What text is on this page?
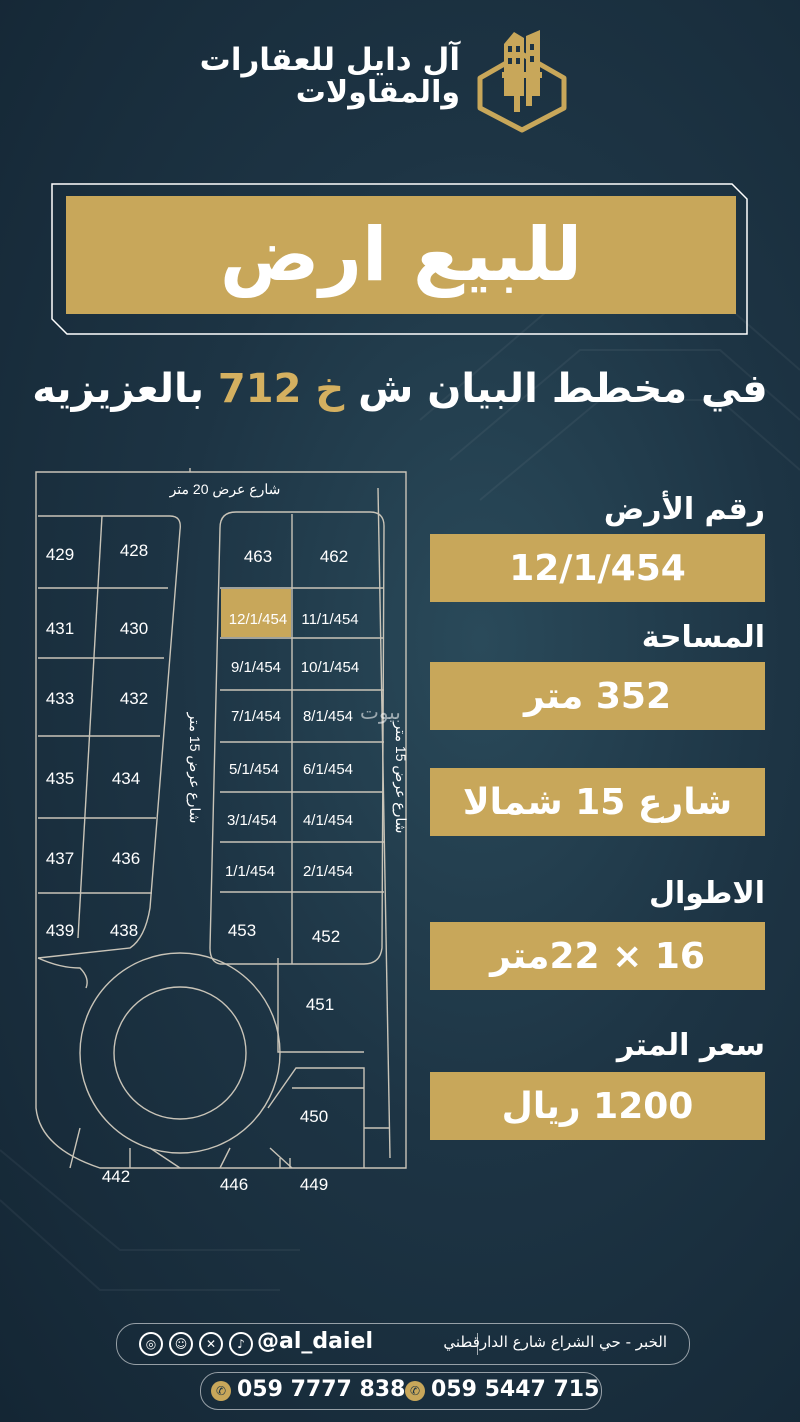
آل دايل للعقارات
والمقاولات
للبيع ارض
في مخطط البيان ش خ 712 بالعزيزيه
شارع عرض 20 متر
شارع عرض 15 متر
شارع عرض 15 متر
429	428
431	430
433	432
435 434
437 436
439 438
463	462
12/1/454 11/1/454
9/1/454 10/1/454
7/1/454 8/1/454
5/1/454 6/1/454
3/1/454 4/1/454
1/1/454 2/1/454
453	452
451
450
442	446	449
بيوت
رقم الأرض
12/1/454
المساحة
352 متر
شارع 15 شمالا
الاطوال
16 × 22متر
سعر المتر
1200 ريال
◎	☺	✕	♪ @al_daiel	الخبر - حي الشراع شارع الدارقطني
✆ 059 7777 838 ✆ 059 5447 715
